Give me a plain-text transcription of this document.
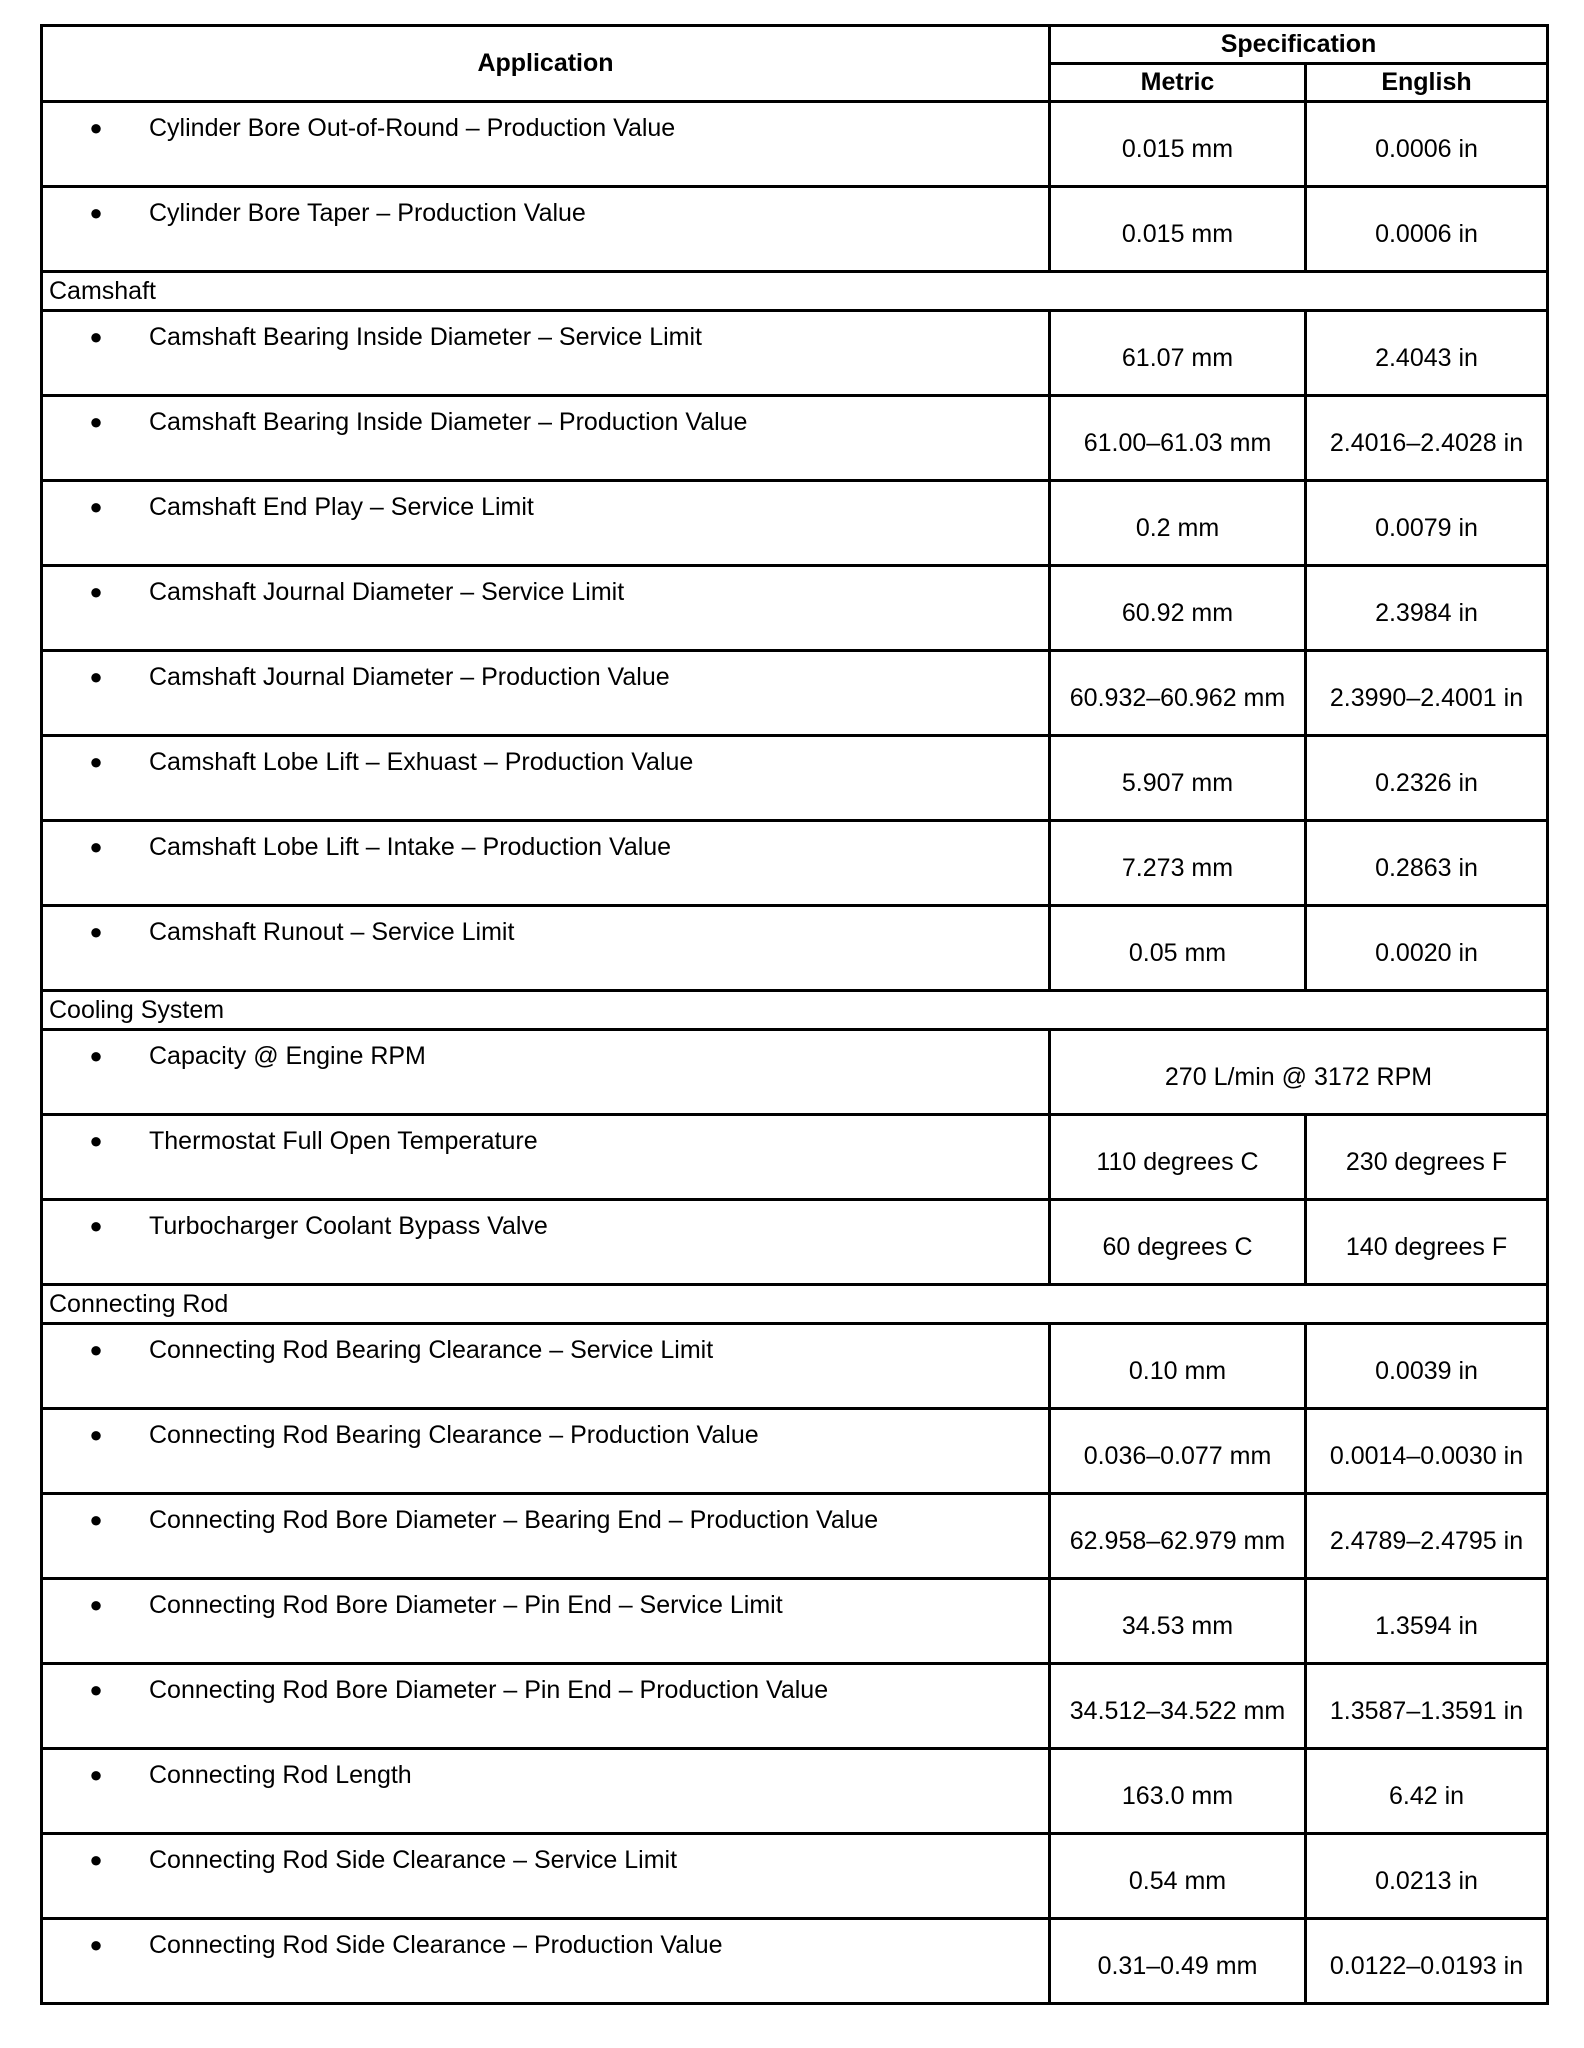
Application	Specification	
	Metric	English

● Cylinder Bore Out-of-Round – Production Value	0.015 mm	0.0006 in

● Cylinder Bore Taper – Production Value	0.015 mm	0.0006 in
Camshaft		

● Camshaft Bearing Inside Diameter – Service Limit	61.07 mm	2.4043 in

● Camshaft Bearing Inside Diameter – Production Value	61.00–61.03 mm	2.4016–2.4028 in

● Camshaft End Play – Service Limit	0.2 mm	0.0079 in

● Camshaft Journal Diameter – Service Limit	60.92 mm	2.3984 in

● Camshaft Journal Diameter – Production Value	60.932–60.962 mm	2.3990–2.4001 in

● Camshaft Lobe Lift – Exhuast – Production Value	5.907 mm	0.2326 in

● Camshaft Lobe Lift – Intake – Production Value	7.273 mm	0.2863 in

● Camshaft Runout – Service Limit	0.05 mm	0.0020 in
Cooling System		

● Capacity @ Engine RPM	270 L/min @ 3172 RPM	

● Thermostat Full Open Temperature	110 degrees C	230 degrees F

● Turbocharger Coolant Bypass Valve	60 degrees C	140 degrees F
Connecting Rod		

● Connecting Rod Bearing Clearance – Service Limit	0.10 mm	0.0039 in

● Connecting Rod Bearing Clearance – Production Value	0.036–0.077 mm	0.0014–0.0030 in

● Connecting Rod Bore Diameter – Bearing End – Production Value	62.958–62.979 mm	2.4789–2.4795 in

● Connecting Rod Bore Diameter – Pin End – Service Limit	34.53 mm	1.3594 in

● Connecting Rod Bore Diameter – Pin End – Production Value	34.512–34.522 mm	1.3587–1.3591 in

● Connecting Rod Length	163.0 mm	6.42 in

● Connecting Rod Side Clearance – Service Limit	0.54 mm	0.0213 in

● Connecting Rod Side Clearance – Production Value	0.31–0.49 mm	0.0122–0.0193 in
